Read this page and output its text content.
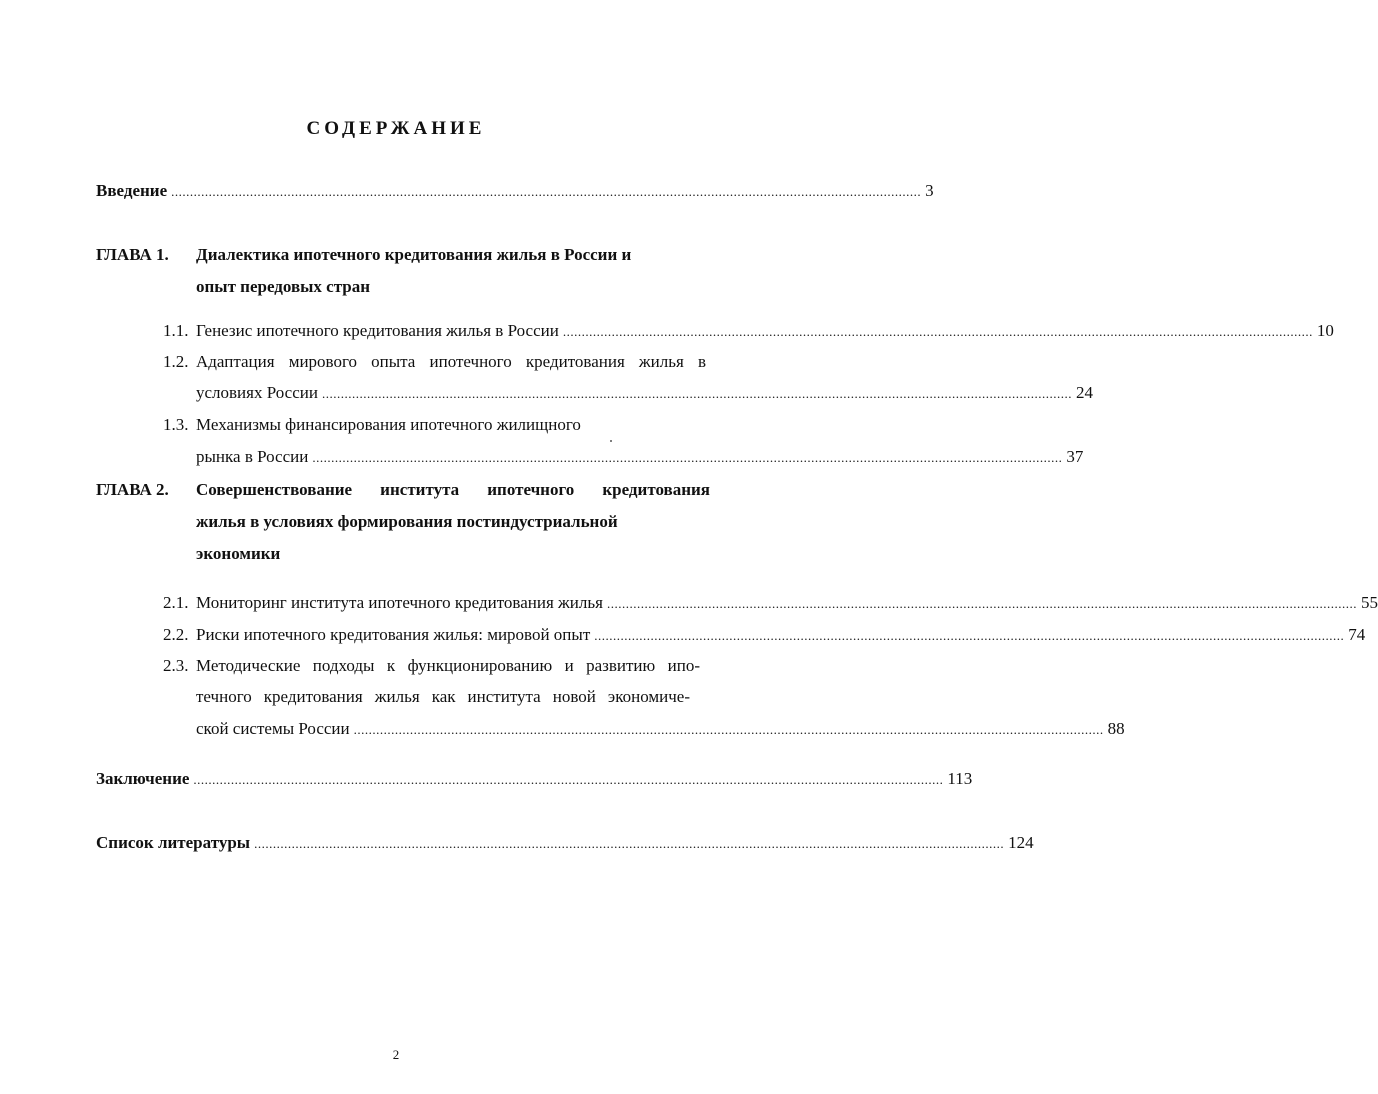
СОДЕРЖАНИЕ
Введение ........................................................................................................................................................................................................ 3
ГЛАВА 1. Диалектика ипотечного кредитования жилья в России и
опыт передовых стран
1.1. Генезис ипотечного кредитования жилья в России ........................................................................................................................................................................................................ 10
1.2. Адаптация мирового опыта ипотечного кредитования жилья в
условиях России ........................................................................................................................................................................................................ 24
1.3. Механизмы финансирования ипотечного жилищного
рынка в России ........................................................................................................................................................................................................ 37
ГЛАВА 2. Совершенствование института ипотечного кредитования
жилья в условиях формирования постиндустриальной
экономики
2.1. Мониторинг института ипотечного кредитования жилья ........................................................................................................................................................................................................ 55
2.2. Риски ипотечного кредитования жилья: мировой опыт ........................................................................................................................................................................................................ 74
2.3. Методические подходы к функционированию и развитию ипо-
течного кредитования жилья как института новой экономиче-
ской системы России ........................................................................................................................................................................................................ 88
Заключение ........................................................................................................................................................................................................ 113
Список литературы ........................................................................................................................................................................................................ 124
2
